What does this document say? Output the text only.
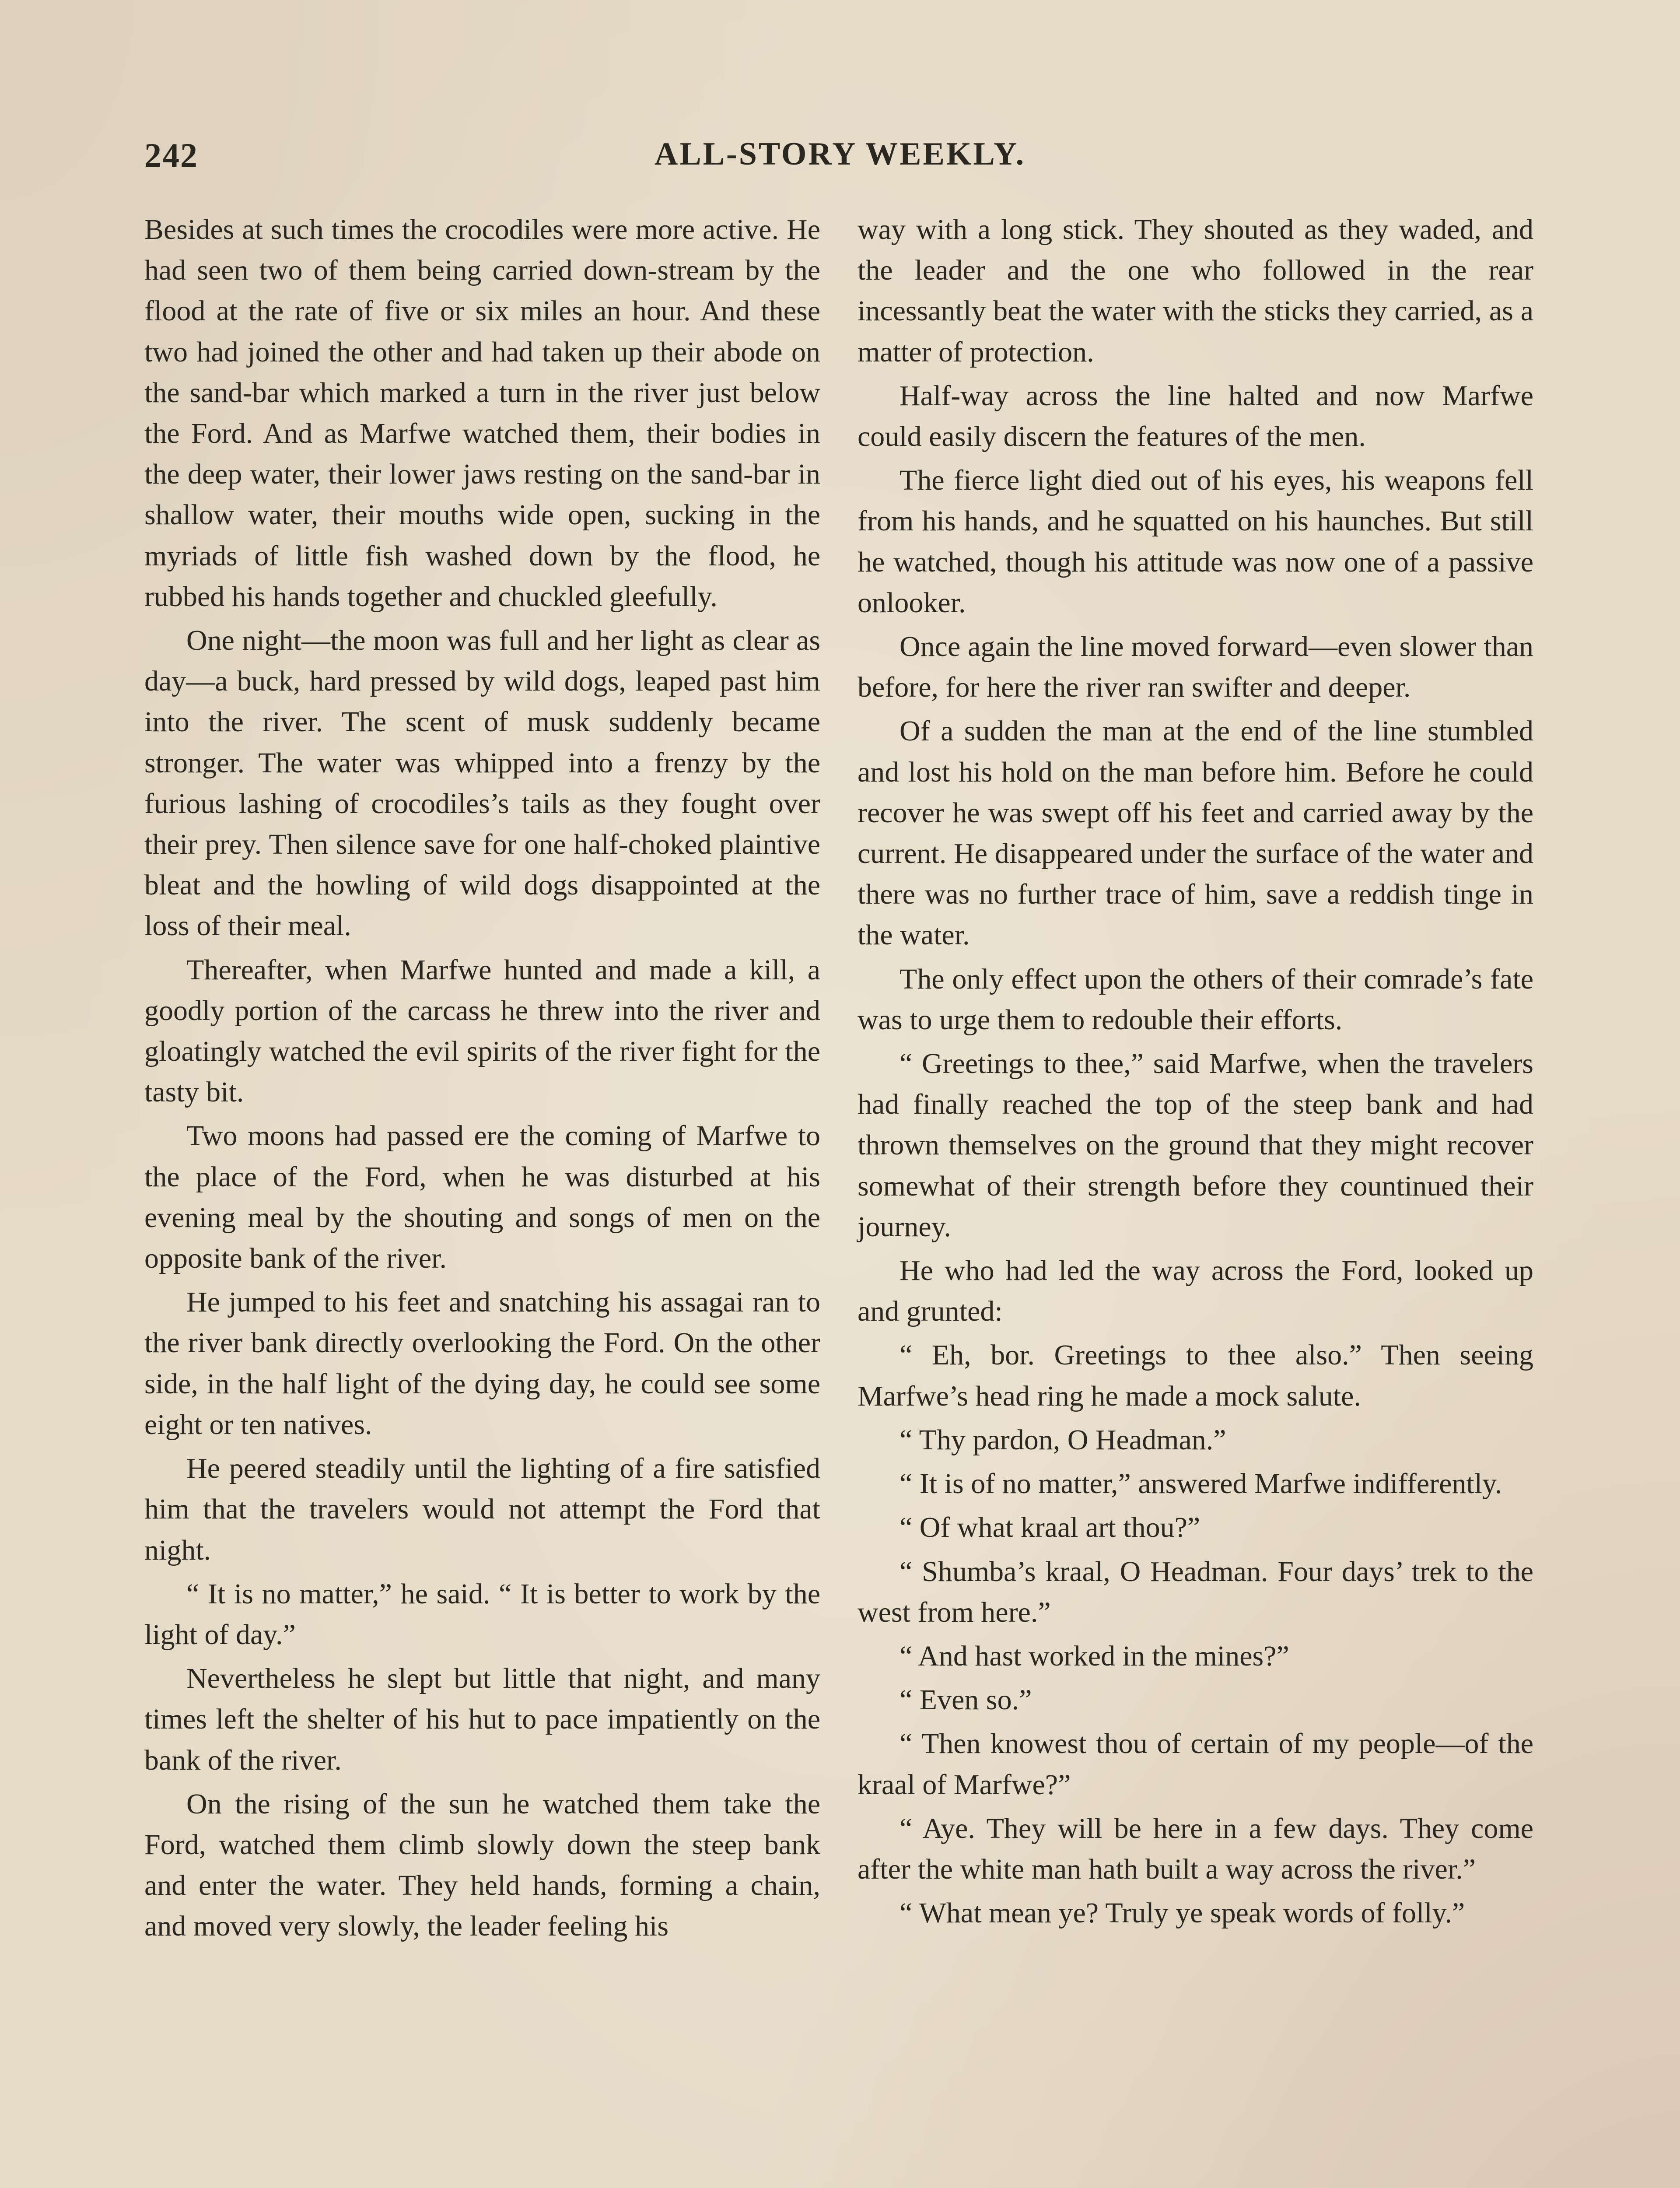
242	ALL-STORY WEEKLY.

Besides at such times the crocodiles were more active. He had seen two of them being carried down-stream by the flood at the rate of five or six miles an hour. And these two had joined the other and had taken up their abode on the sand-bar which marked a turn in the river just below the Ford. And as Marfwe watched them, their bodies in the deep water, their lower jaws resting on the sand-bar in shallow water, their mouths wide open, sucking in the myriads of little fish washed down by the flood, he rubbed his hands together and chuckled gleefully.

One night—the moon was full and her light as clear as day—a buck, hard pressed by wild dogs, leaped past him into the river. The scent of musk suddenly became stronger. The water was whipped into a frenzy by the furious lashing of crocodiles’s tails as they fought over their prey. Then silence save for one half-choked plaintive bleat and the howling of wild dogs disappointed at the loss of their meal.

Thereafter, when Marfwe hunted and made a kill, a goodly portion of the carcass he threw into the river and gloatingly watched the evil spirits of the river fight for the tasty bit.

Two moons had passed ere the coming of Marfwe to the place of the Ford, when he was disturbed at his evening meal by the shouting and songs of men on the opposite bank of the river.

He jumped to his feet and snatching his assagai ran to the river bank directly overlooking the Ford. On the other side, in the half light of the dying day, he could see some eight or ten natives.

He peered steadily until the lighting of a fire satisfied him that the travelers would not attempt the Ford that night.

“ It is no matter,” he said. “ It is better to work by the light of day.”

Nevertheless he slept but little that night, and many times left the shelter of his hut to pace impatiently on the bank of the river.

On the rising of the sun he watched them take the Ford, watched them climb slowly down the steep bank and enter the water. They held hands, forming a chain, and moved very slowly, the leader feeling his

way with a long stick. They shouted as they waded, and the leader and the one who followed in the rear incessantly beat the water with the sticks they carried, as a matter of protection.

Half-way across the line halted and now Marfwe could easily discern the features of the men.

The fierce light died out of his eyes, his weapons fell from his hands, and he squatted on his haunches. But still he watched, though his attitude was now one of a passive onlooker.

Once again the line moved forward—even slower than before, for here the river ran swifter and deeper.

Of a sudden the man at the end of the line stumbled and lost his hold on the man before him. Before he could recover he was swept off his feet and carried away by the current. He disappeared under the surface of the water and there was no further trace of him, save a reddish tinge in the water.

The only effect upon the others of their comrade’s fate was to urge them to redouble their efforts.

“ Greetings to thee,” said Marfwe, when the travelers had finally reached the top of the steep bank and had thrown themselves on the ground that they might recover somewhat of their strength before they countinued their journey.

He who had led the way across the Ford, looked up and grunted:

“ Eh, bor. Greetings to thee also.” Then seeing Marfwe’s head ring he made a mock salute.

“ Thy pardon, O Headman.”

“ It is of no matter,” answered Marfwe indifferently.

“ Of what kraal art thou?”

“ Shumba’s kraal, O Headman. Four days’ trek to the west from here.”

“ And hast worked in the mines?”

“ Even so.”

“ Then knowest thou of certain of my people—of the kraal of Marfwe?”

“ Aye. They will be here in a few days. They come after the white man hath built a way across the river.”

“ What mean ye? Truly ye speak words of folly.”
